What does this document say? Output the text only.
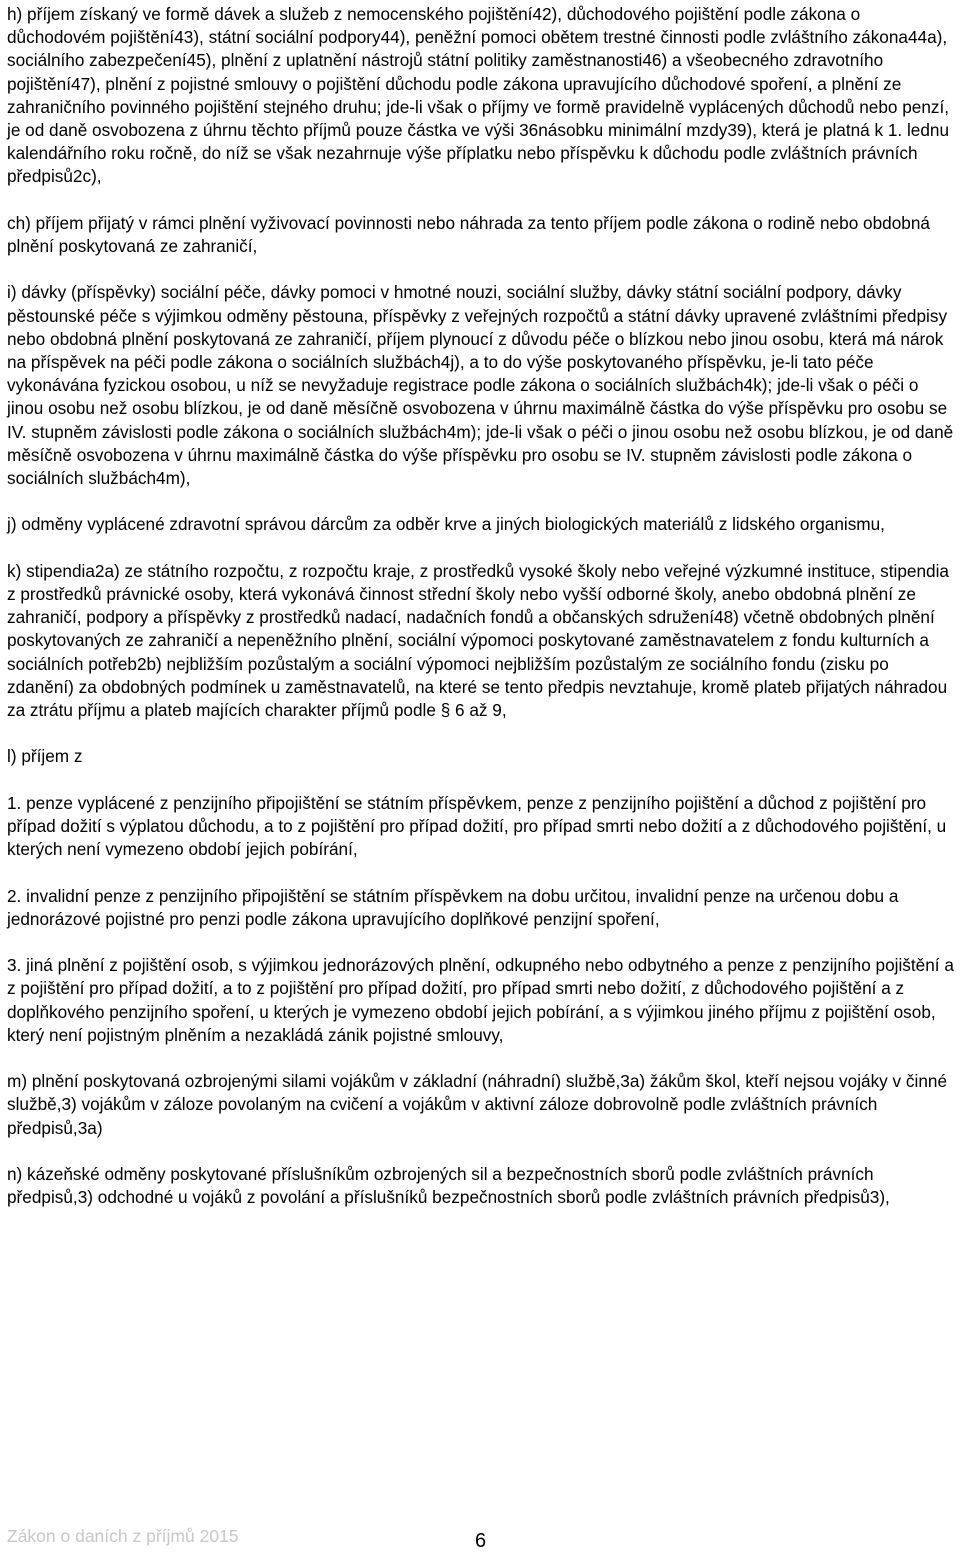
h) příjem získaný ve formě dávek a služeb z nemocenského pojištění42), důchodového pojištění podle zákona o důchodovém pojištění43), státní sociální podpory44), peněžní pomoci obětem trestné činnosti podle zvláštního zákona44a), sociálního zabezpečení45), plnění z uplatnění nástrojů státní politiky zaměstnanosti46) a všeobecného zdravotního pojištění47), plnění z pojistné smlouvy o pojištění důchodu podle zákona upravujícího důchodové spoření, a plnění ze zahraničního povinného pojištění stejného druhu; jde-li však o příjmy ve formě pravidelně vyplácených důchodů nebo penzí, je od daně osvobozena z úhrnu těchto příjmů pouze částka ve výši 36násobku minimální mzdy39), která je platná k 1. lednu kalendářního roku ročně, do níž se však nezahrnuje výše příplatku nebo příspěvku k důchodu podle zvláštních právních předpisů2c),

ch) příjem přijatý v rámci plnění vyživovací povinnosti nebo náhrada za tento příjem podle zákona o rodině nebo obdobná plnění poskytovaná ze zahraničí,

i) dávky (příspěvky) sociální péče, dávky pomoci v hmotné nouzi, sociální služby, dávky státní sociální podpory, dávky pěstounské péče s výjimkou odměny pěstouna, příspěvky z veřejných rozpočtů a státní dávky upravené zvláštními předpisy nebo obdobná plnění poskytovaná ze zahraničí, příjem plynoucí z důvodu péče o blízkou nebo jinou osobu, která má nárok na příspěvek na péči podle zákona o sociálních službách4j), a to do výše poskytovaného příspěvku, je-li tato péče vykonávána fyzickou osobou, u níž se nevyžaduje registrace podle zákona o sociálních službách4k); jde-li však o péči o jinou osobu než osobu blízkou, je od daně měsíčně osvobozena v úhrnu maximálně částka do výše příspěvku pro osobu se IV. stupněm závislosti podle zákona o sociálních službách4m); jde-li však o péči o jinou osobu než osobu blízkou, je od daně měsíčně osvobozena v úhrnu maximálně částka do výše příspěvku pro osobu se IV. stupněm závislosti podle zákona o sociálních službách4m),

j) odměny vyplácené zdravotní správou dárcům za odběr krve a jiných biologických materiálů z lidského organismu,

k) stipendia2a) ze státního rozpočtu, z rozpočtu kraje, z prostředků vysoké školy nebo veřejné výzkumné instituce, stipendia z prostředků právnické osoby, která vykonává činnost střední školy nebo vyšší odborné školy, anebo obdobná plnění ze zahraničí, podpory a příspěvky z prostředků nadací, nadačních fondů a občanských sdružení48) včetně obdobných plnění poskytovaných ze zahraničí a nepeněžního plnění, sociální výpomoci poskytované zaměstnavatelem z fondu kulturních a sociálních potřeb2b) nejbližším pozůstalým a sociální výpomoci nejbližším pozůstalým ze sociálního fondu (zisku po zdanění) za obdobných podmínek u zaměstnavatelů, na které se tento předpis nevztahuje, kromě plateb přijatých náhradou za ztrátu příjmu a plateb majících charakter příjmů podle § 6 až 9,

l) příjem z

1. penze vyplácené z penzijního připojištění se státním příspěvkem, penze z penzijního pojištění a důchod z pojištění pro případ dožití s výplatou důchodu, a to z pojištění pro případ dožití, pro případ smrti nebo dožití a z důchodového pojištění, u kterých není vymezeno období jejich pobírání,

2. invalidní penze z penzijního připojištění se státním příspěvkem na dobu určitou, invalidní penze na určenou dobu a jednorázové pojistné pro penzi podle zákona upravujícího doplňkové penzijní spoření,

3. jiná plnění z pojištění osob, s výjimkou jednorázových plnění, odkupného nebo odbytného a penze z penzijního pojištění a z pojištění pro případ dožití, a to z pojištění pro případ dožití, pro případ smrti nebo dožití, z důchodového pojištění a z doplňkového penzijního spoření, u kterých je vymezeno období jejich pobírání, a s výjimkou jiného příjmu z pojištění osob, který není pojistným plněním a nezakládá zánik pojistné smlouvy,

m) plnění poskytovaná ozbrojenými silami vojákům v základní (náhradní) službě,3a) žákům škol, kteří nejsou vojáky v činné službě,3) vojákům v záloze povolaným na cvičení a vojákům v aktivní záloze dobrovolně podle zvláštních právních předpisů,3a)

n) kázeňské odměny poskytované příslušníkům ozbrojených sil a bezpečnostních sborů podle zvláštních právních předpisů,3) odchodné u vojáků z povolání a příslušníků bezpečnostních sborů podle zvláštních právních předpisů3),

Zákon o daních z příjmů 2015	6
